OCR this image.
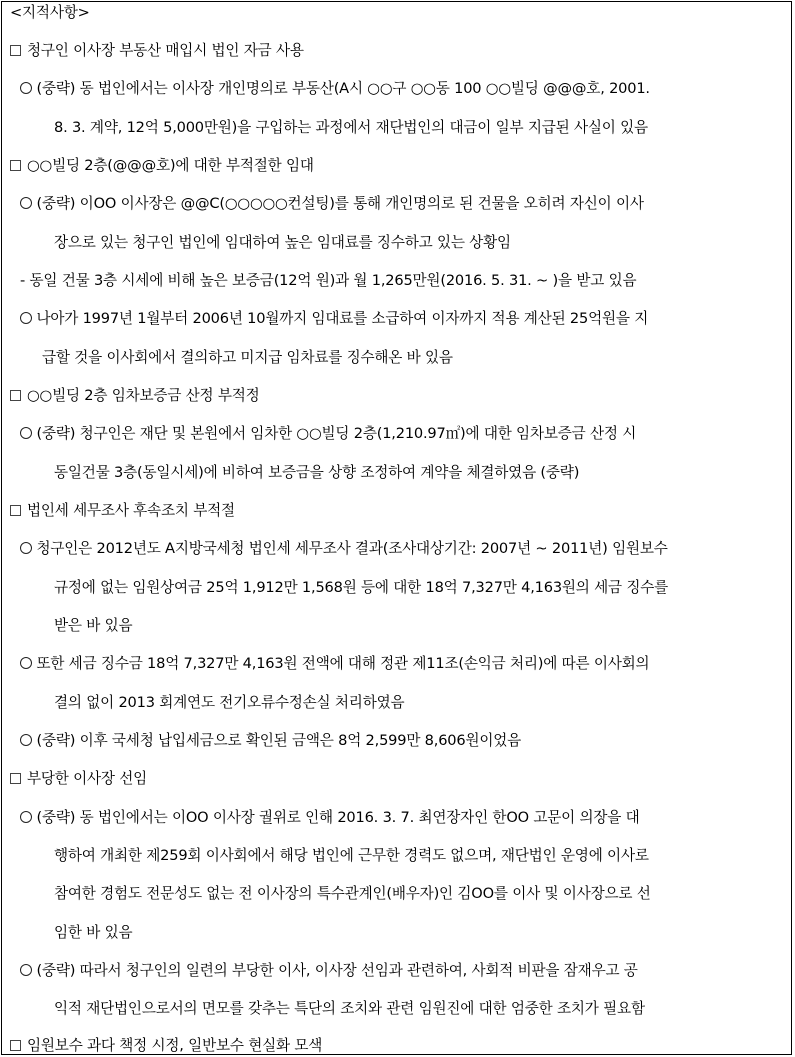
<지적사항>
청구인 이사장 부동산 매입시 법인 자금 사용
(중략) 동 법인에서는 이사장 개인명의로 부동산(A시 ○○구 ○○동 100 ○○빌딩 @@@호, 2001.
8. 3. 계약, 12억 5,000만원)을 구입하는 과정에서 재단법인의 대금이 일부 지급된 사실이 있음
○○빌딩 2층(@@@호)에 대한 부적절한 임대
(중략) 이OO 이사장은 @@C(○○○○○컨설팅)를 통해 개인명의로 된 건물을 오히려 자신이 이사
장으로 있는 청구인 법인에 임대하여 높은 임대료를 징수하고 있는 상황임
- 동일 건물 3층 시세에 비해 높은 보증금(12억 원)과 월 1,265만원(2016. 5. 31. ~ )을 받고 있음
나아가 1997년 1월부터 2006년 10월까지 임대료를 소급하여 이자까지 적용 계산된 25억원을 지
급할 것을 이사회에서 결의하고 미지급 임차료를 징수해온 바 있음
○○빌딩 2층 임차보증금 산정 부적정
(중략) 청구인은 재단 및 본원에서 임차한 ○○빌딩 2층(1,210.97㎡)에 대한 임차보증금 산정 시
동일건물 3층(동일시세)에 비하여 보증금을 상향 조정하여 계약을 체결하였음 (중략)
법인세 세무조사 후속조치 부적절
청구인은 2012년도 A지방국세청 법인세 세무조사 결과(조사대상기간: 2007년 ~ 2011년) 임원보수
규정에 없는 임원상여금 25억 1,912만 1,568원 등에 대한 18억 7,327만 4,163원의 세금 징수를
받은 바 있음
또한 세금 징수금 18억 7,327만 4,163원 전액에 대해 정관 제11조(손익금 처리)에 따른 이사회의
결의 없이 2013 회계연도 전기오류수정손실 처리하였음
(중략) 이후 국세청 납입세금으로 확인된 금액은 8억 2,599만 8,606원이었음
부당한 이사장 선임
(중략) 동 법인에서는 이OO 이사장 궐위로 인해 2016. 3. 7. 최연장자인 한OO 고문이 의장을 대
행하여 개최한 제259회 이사회에서 해당 법인에 근무한 경력도 없으며, 재단법인 운영에 이사로
참여한 경험도 전문성도 없는 전 이사장의 특수관계인(배우자)인 김OO를 이사 및 이사장으로 선
임한 바 있음
(중략) 따라서 청구인의 일련의 부당한 이사, 이사장 선임과 관련하여, 사회적 비판을 잠재우고 공
익적 재단법인으로서의 면모를 갖추는 특단의 조치와 관련 임원진에 대한 엄중한 조치가 필요함
임원보수 과다 책정 시정, 일반보수 현실화 모색
